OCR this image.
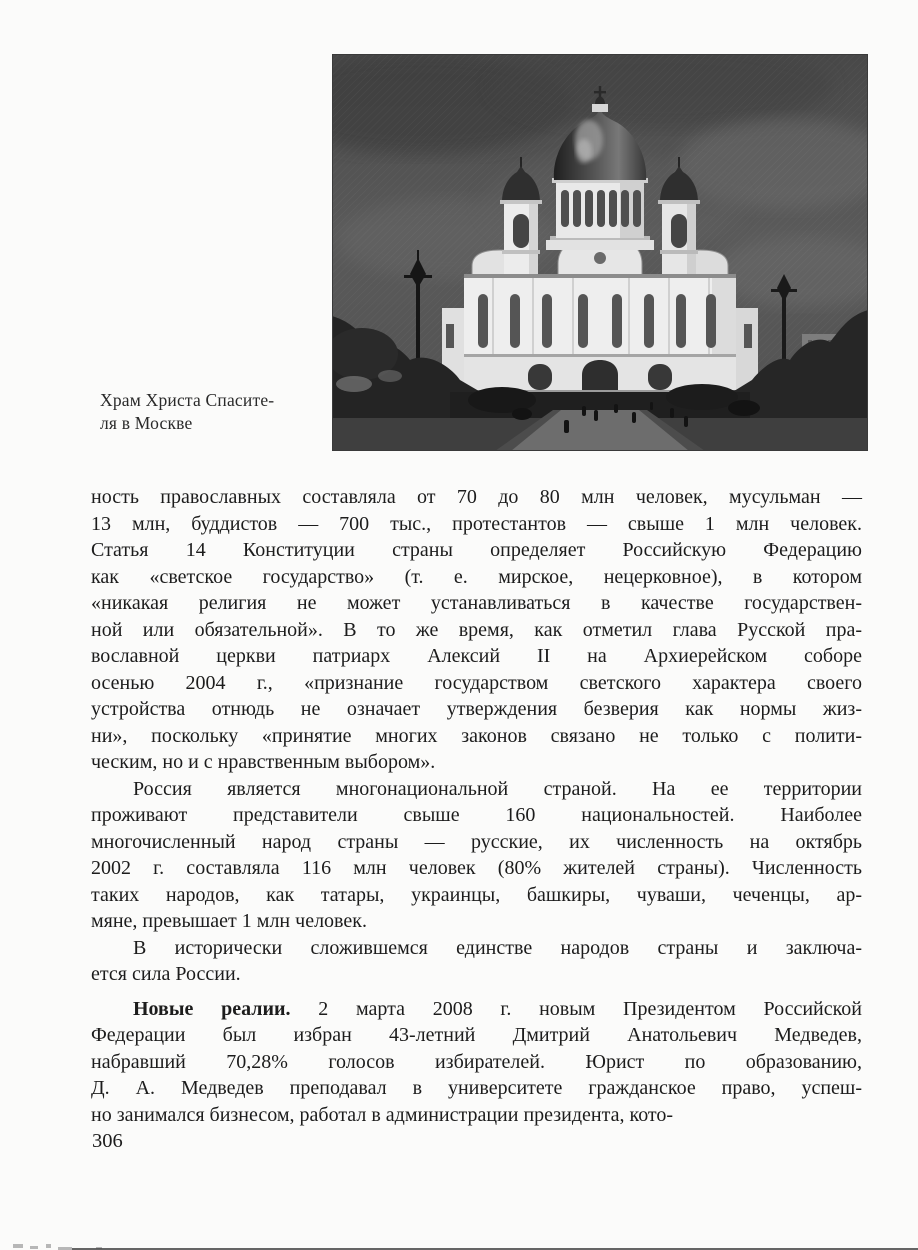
Храм Христа Спасите-
ля в Москве
ность православных составляла от 70 до 80 млн человек, мусульман —
13 млн, буддистов — 700 тыс., протестантов — свыше 1 млн человек.
Статья 14 Конституции страны определяет Российскую Федерацию
как «светское государство» (т. е. мирское, нецерковное), в котором
«никакая религия не может устанавливаться в качестве государствен-
ной или обязательной». В то же время, как отметил глава Русской пра-
вославной церкви патриарх Алексий II на Архиерейском соборе
осенью 2004 г., «признание государством светского характера своего
устройства отнюдь не означает утверждения безверия как нормы жиз-
ни», поскольку «принятие многих законов связано не только с полити-
ческим, но и с нравственным выбором».
Россия является многонациональной страной. На ее территории
проживают представители свыше 160 национальностей. Наиболее
многочисленный народ страны — русские, их численность на октябрь
2002 г. составляла 116 млн человек (80% жителей страны). Численность
таких народов, как татары, украинцы, башкиры, чуваши, чеченцы, ар-
мяне, превышает 1 млн человек.
В исторически сложившемся единстве народов страны и заключа-
ется сила России.
Новые реалии. 2 марта 2008 г. новым Президентом Российской
Федерации был избран 43-летний Дмитрий Анатольевич Медведев,
набравший 70,28% голосов избирателей. Юрист по образованию,
Д. А. Медведев преподавал в университете гражданское право, успеш-
но занимался бизнесом, работал в администрации президента, кото-
306
